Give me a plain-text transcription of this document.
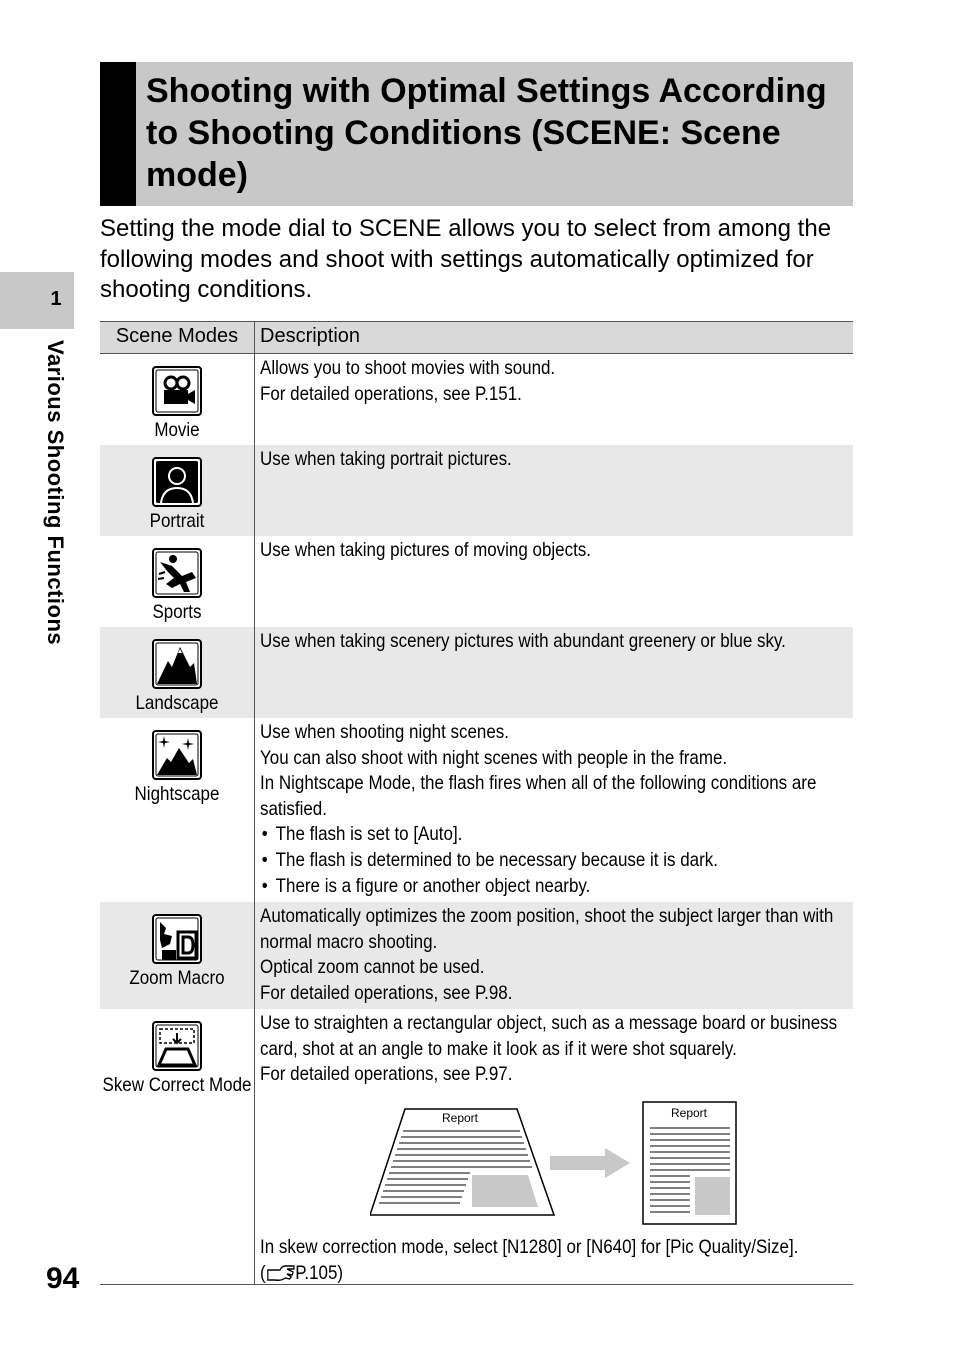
1
Various Shooting Functions
94
Shooting with Optimal Settings According to Shooting Conditions (SCENE: Scene mode)
Setting the mode dial to SCENE allows you to select from among the following modes and shoot with settings automatically optimized for shooting conditions.
Scene Modes	Description
Movie

Allows you to shoot movies with sound.

For detailed operations, see P.151.

Portrait

Use when taking portrait pictures.

Sports

Use when taking pictures of moving objects.

Landscape

Use when taking scenery pictures with abundant greenery or blue sky.

Nightscape

Use when shooting night scenes.

You can also shoot with night scenes with people in the frame.

In Nightscape Mode, the flash fires when all of the following conditions are satisfied.

• The flash is set to [Auto].
• The flash is determined to be necessary because it is dark.
• There is a figure or another object nearby.
Zoom Macro

Automatically optimizes the zoom position, shoot the subject larger than with normal macro shooting.

Optical zoom cannot be used.

For detailed operations, see P.98.

Skew Correct Mode

Use to straighten a rectangular object, such as a message board or business card, shot at an angle to make it look as if it were shot squarely.

For detailed operations, see P.97.

Report	Report

In skew correction mode, select [N1280] or [N640] for [Pic Quality/Size].

( P.105)
